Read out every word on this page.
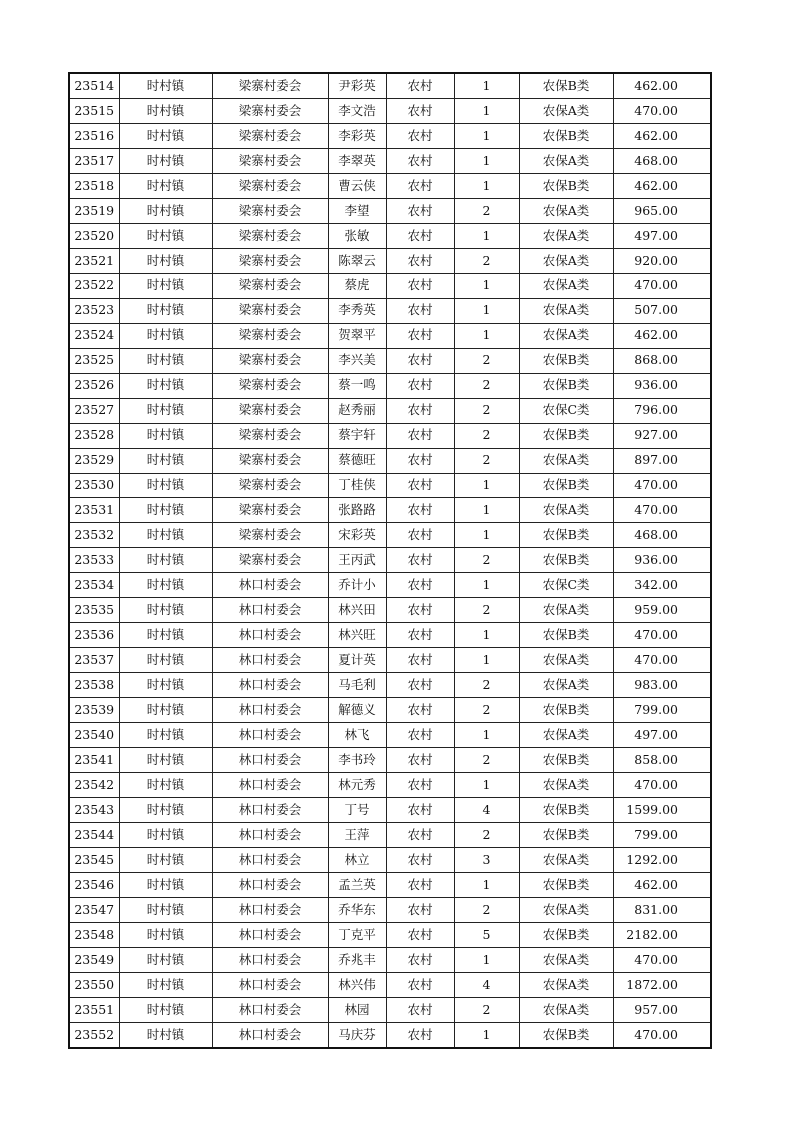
23514	时村镇	梁寨村委会	尹彩英	农村	1	农保B类	462.00
23515	时村镇	梁寨村委会	李文浩	农村	1	农保A类	470.00
23516	时村镇	梁寨村委会	李彩英	农村	1	农保B类	462.00
23517	时村镇	梁寨村委会	李翠英	农村	1	农保A类	468.00
23518	时村镇	梁寨村委会	曹云侠	农村	1	农保B类	462.00
23519	时村镇	梁寨村委会	李望	农村	2	农保A类	965.00
23520	时村镇	梁寨村委会	张敏	农村	1	农保A类	497.00
23521	时村镇	梁寨村委会	陈翠云	农村	2	农保A类	920.00
23522	时村镇	梁寨村委会	蔡虎	农村	1	农保A类	470.00
23523	时村镇	梁寨村委会	李秀英	农村	1	农保A类	507.00
23524	时村镇	梁寨村委会	贺翠平	农村	1	农保A类	462.00
23525	时村镇	梁寨村委会	李兴美	农村	2	农保B类	868.00
23526	时村镇	梁寨村委会	蔡一鸣	农村	2	农保B类	936.00
23527	时村镇	梁寨村委会	赵秀丽	农村	2	农保C类	796.00
23528	时村镇	梁寨村委会	蔡宇轩	农村	2	农保B类	927.00
23529	时村镇	梁寨村委会	蔡德旺	农村	2	农保A类	897.00
23530	时村镇	梁寨村委会	丁桂侠	农村	1	农保B类	470.00
23531	时村镇	梁寨村委会	张路路	农村	1	农保A类	470.00
23532	时村镇	梁寨村委会	宋彩英	农村	1	农保B类	468.00
23533	时村镇	梁寨村委会	王丙武	农村	2	农保B类	936.00
23534	时村镇	林口村委会	乔计小	农村	1	农保C类	342.00
23535	时村镇	林口村委会	林兴田	农村	2	农保A类	959.00
23536	时村镇	林口村委会	林兴旺	农村	1	农保B类	470.00
23537	时村镇	林口村委会	夏计英	农村	1	农保A类	470.00
23538	时村镇	林口村委会	马毛利	农村	2	农保A类	983.00
23539	时村镇	林口村委会	解德义	农村	2	农保B类	799.00
23540	时村镇	林口村委会	林飞	农村	1	农保A类	497.00
23541	时村镇	林口村委会	李书玲	农村	2	农保B类	858.00
23542	时村镇	林口村委会	林元秀	农村	1	农保A类	470.00
23543	时村镇	林口村委会	丁号	农村	4	农保B类	1599.00
23544	时村镇	林口村委会	王萍	农村	2	农保B类	799.00
23545	时村镇	林口村委会	林立	农村	3	农保A类	1292.00
23546	时村镇	林口村委会	孟兰英	农村	1	农保B类	462.00
23547	时村镇	林口村委会	乔华东	农村	2	农保A类	831.00
23548	时村镇	林口村委会	丁克平	农村	5	农保B类	2182.00
23549	时村镇	林口村委会	乔兆丰	农村	1	农保A类	470.00
23550	时村镇	林口村委会	林兴伟	农村	4	农保A类	1872.00
23551	时村镇	林口村委会	林园	农村	2	农保A类	957.00
23552	时村镇	林口村委会	马庆芬	农村	1	农保B类	470.00
